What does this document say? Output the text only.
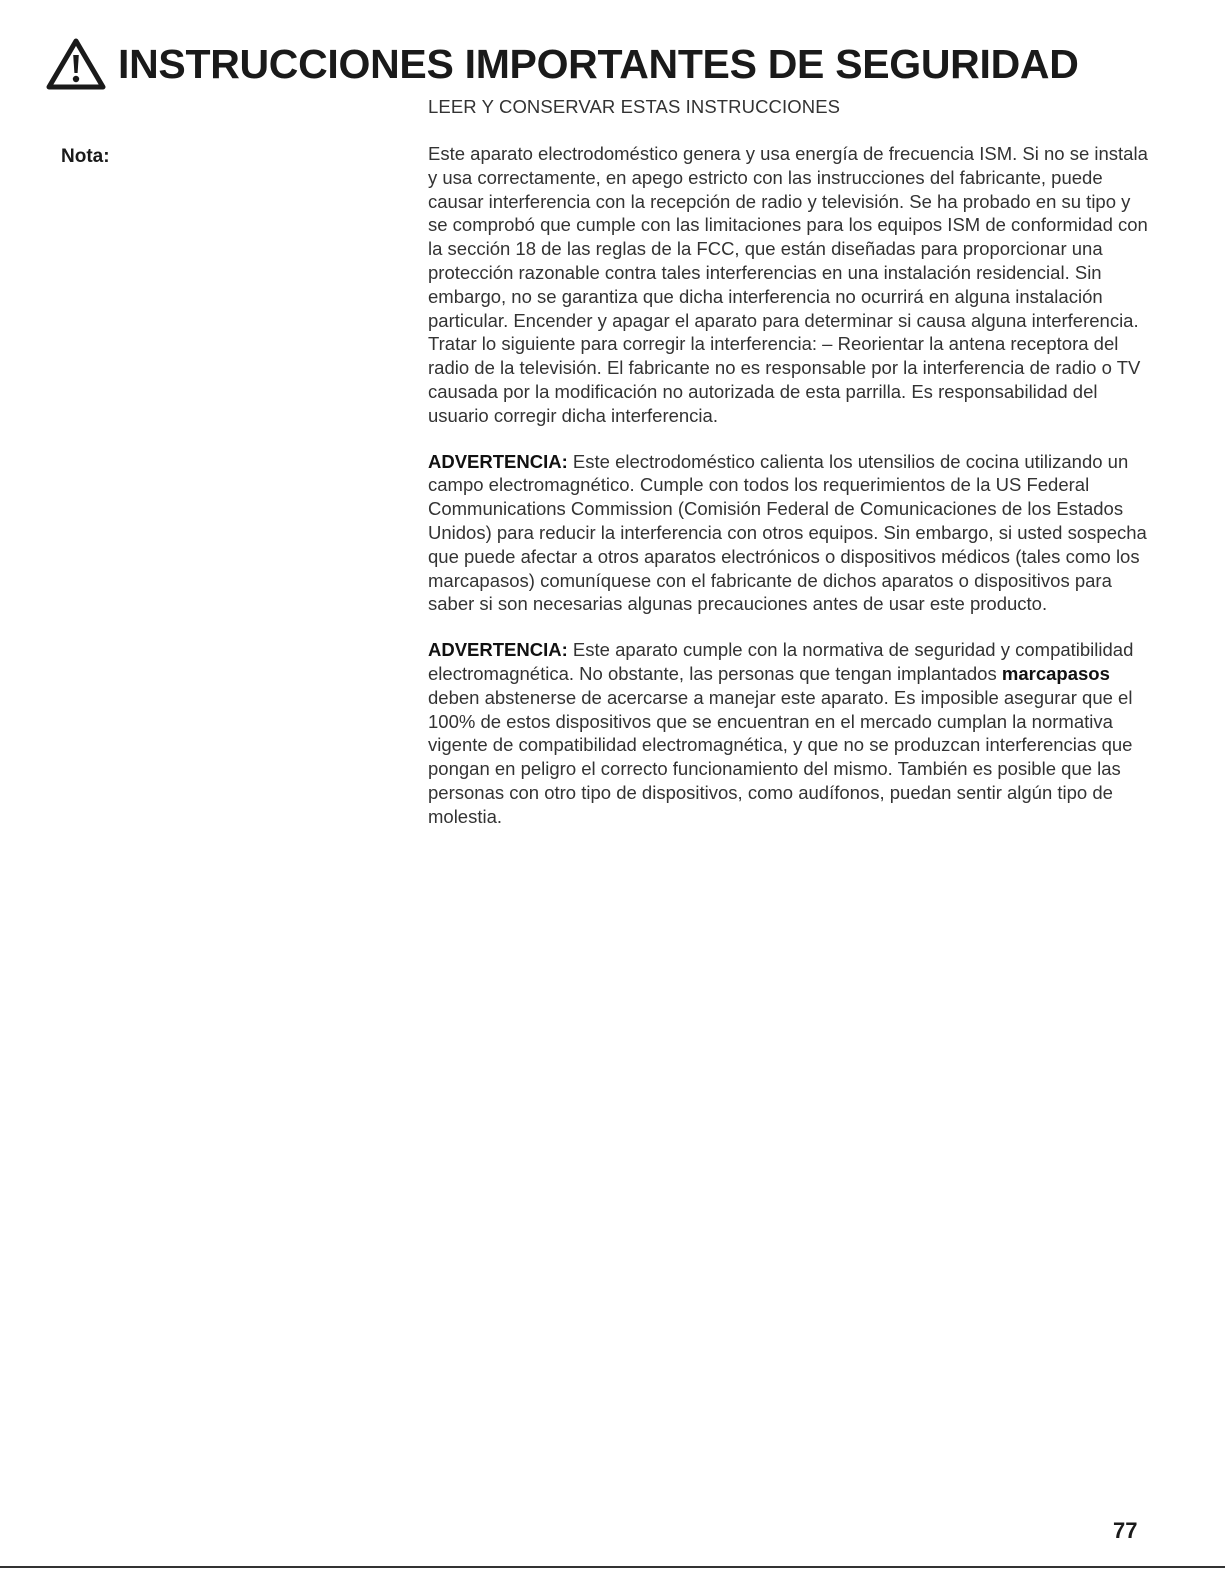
INSTRUCCIONES IMPORTANTES DE SEGURIDAD
LEER Y CONSERVAR ESTAS INSTRUCCIONES
Nota:	Este aparato electrodoméstico genera y usa energía de frecuencia ISM. Si no se instala y usa correctamente, en apego estricto con las instrucciones del fabricante, puede causar interferencia con la recepción de radio y televisión. Se ha probado en su tipo y se comprobó que cumple con las limitaciones para los equipos ISM de conformidad con la sección 18 de las reglas de la FCC, que están diseñadas para proporcionar una protección razonable contra tales interferencias en una instalación residencial. Sin embargo, no se garantiza que dicha interferencia no ocurrirá en alguna instalación particular. Encender y apagar el aparato para determinar si causa alguna interferencia. Tratar lo siguiente para corregir la interferencia: – Reorientar la antena receptora del radio de la televisión. El fabricante no es responsable por la interferencia de radio o TV causada por la modificación no autorizada de esta parrilla. Es responsabilidad del usuario corregir dicha interferencia.

ADVERTENCIA: Este electrodoméstico calienta los utensilios de cocina utilizando un campo electromagnético. Cumple con todos los requerimientos de la US Federal Communications Commission (Comisión Federal de Comunicaciones de los Estados Unidos) para reducir la interferencia con otros equipos. Sin embargo, si usted sospecha que puede afectar a otros aparatos electrónicos o dispositivos médicos (tales como los marcapasos) comuníquese con el fabricante de dichos aparatos o dispositivos para saber si son necesarias algunas precauciones antes de usar este producto.

ADVERTENCIA: Este aparato cumple con la normativa de seguridad y compatibilidad electromagnética. No obstante, las personas que tengan implantados marcapasos deben abstenerse de acercarse a manejar este aparato. Es imposible asegurar que el 100% de estos dispositivos que se encuentran en el mercado cumplan la normativa vigente de compatibilidad electromagnética, y que no se produzcan interferencias que pongan en peligro el correcto funcionamiento del mismo. También es posible que las personas con otro tipo de dispositivos, como audífonos, puedan sentir algún tipo de molestia.

77
